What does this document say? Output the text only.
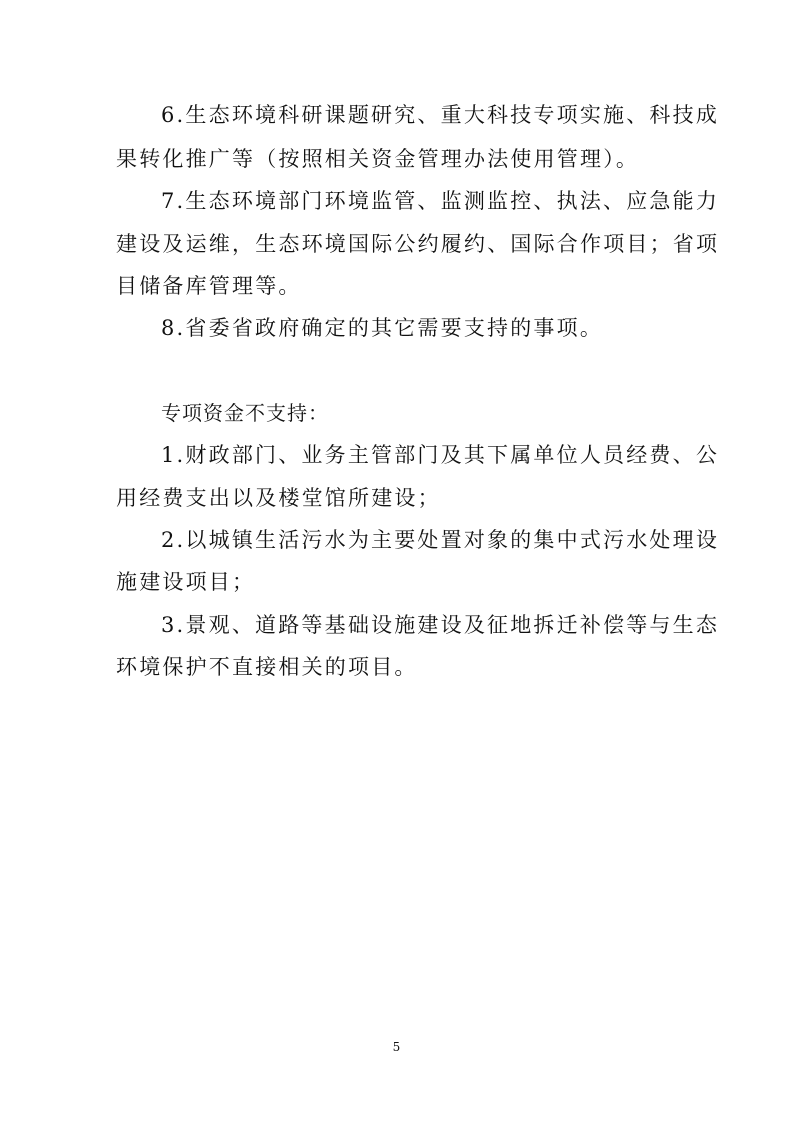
6.生态环境科研课题研究、重大科技专项实施、科技成
果转化推广等（按照相关资金管理办法使用管理）。
7.生态环境部门环境监管、监测监控、执法、应急能力
建设及运维，生态环境国际公约履约、国际合作项目；省项
目储备库管理等。
8.省委省政府确定的其它需要支持的事项。
专项资金不支持：
1.财政部门、业务主管部门及其下属单位人员经费、公
用经费支出以及楼堂馆所建设；
2.以城镇生活污水为主要处置对象的集中式污水处理设
施建设项目；
3.景观、道路等基础设施建设及征地拆迁补偿等与生态
环境保护不直接相关的项目。
5
